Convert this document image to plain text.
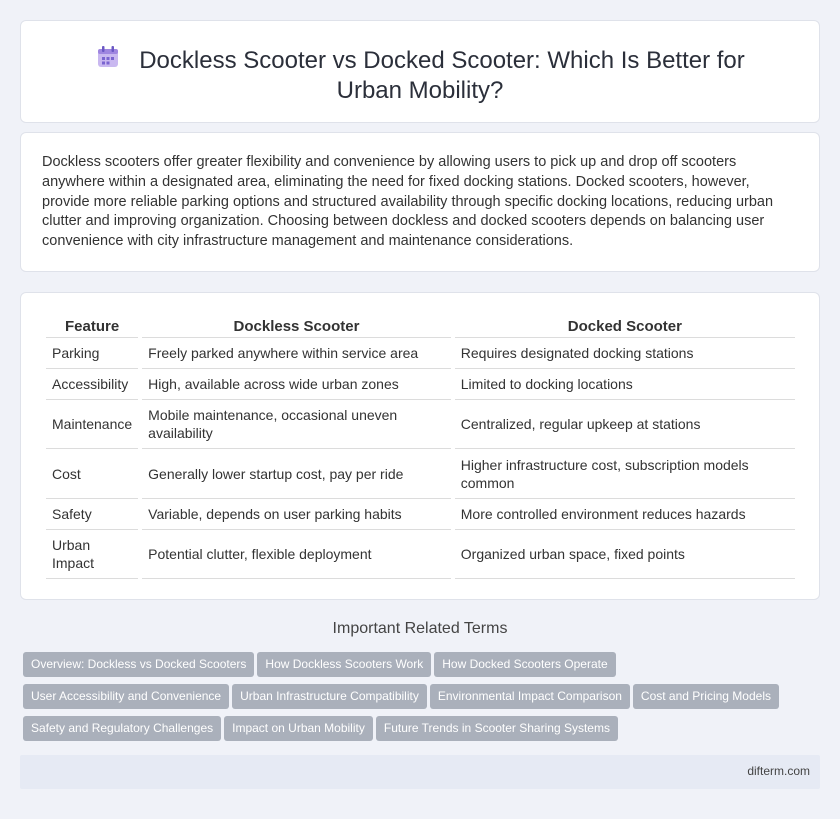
Dockless Scooter vs Docked Scooter: Which Is Better for Urban Mobility?

Dockless scooters offer greater flexibility and convenience by allowing users to pick up and drop off scooters anywhere within a designated area, eliminating the need for fixed docking stations. Docked scooters, however, provide more reliable parking options and structured availability through specific docking locations, reducing urban clutter and improving organization. Choosing between dockless and docked scooters depends on balancing user convenience with city infrastructure management and maintenance considerations.

Feature	Dockless Scooter	Docked Scooter
Parking	Freely parked anywhere within service area	Requires designated docking stations
Accessibility	High, available across wide urban zones	Limited to docking locations
Maintenance	Mobile maintenance, occasional uneven availability	Centralized, regular upkeep at stations
Cost	Generally lower startup cost, pay per ride	Higher infrastructure cost, subscription models common
Safety	Variable, depends on user parking habits	More controlled environment reduces hazards
Urban Impact	Potential clutter, flexible deployment	Organized urban space, fixed points
Important Related Terms
Overview: Dockless vs Docked Scooters How Dockless Scooters Work How Docked Scooters Operate
User Accessibility and Convenience Urban Infrastructure Compatibility Environmental Impact Comparison Cost and Pricing Models
Safety and Regulatory Challenges Impact on Urban Mobility Future Trends in Scooter Sharing Systems
difterm.com
